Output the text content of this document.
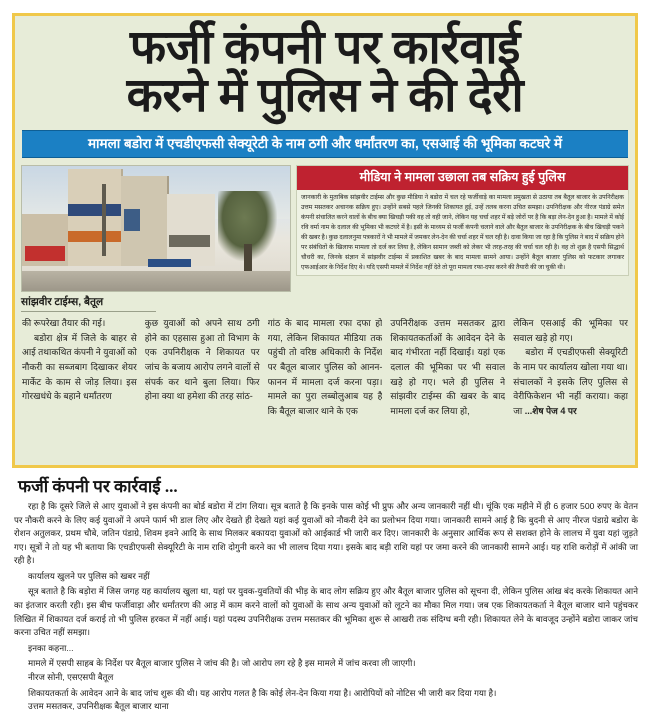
फर्जी कंपनी पर कार्रवाई
करने में पुलिस ने की देरी
मामला बडोरा में एचडीएफसी सेक्यूरेटी के नाम ठगी और धर्मांतरण का, एसआई की भूमिका कटघरे में
सांझवीर टाईम्स, बैतूल
मीडिया ने मामला उछाला तब सक्रिय हुई पुलिस
जानकारी के मुताबिक सांझवीर टाईम्स और कुछ मीडिया ने बडोरा में चल रहे फर्जीवाड़े का मामला प्रमुखता से उठाया तब बैतूल बाजार के उपनिरीक्षक उत्तम मसतकर अचानक सक्रिय हुए। उन्होंने सबसे पहले जिनकी शिकायत हुई, उन्हें तलब करना उचित समझा। उपनिरीक्षक और नीरज पंडाग्रे समेत कंपनी संचालित करने वालों के बीच क्या खिचड़ी पकी वह तो वही जाने, लेकिन यह चर्चा शहर में बड़े जोरों पर है कि बड़ा लेन-देन हुआ है। मामले में कोई रवि वर्मा नाम के दलाल की भूमिका भी कटघरे में है। इसी के माध्यम से फर्जी कंपनी चलाने वाले और बैतूल बाजार के उपनिरीक्षक के बीच खिचड़ी पकने की खबर है। कुछ दलालनुमा पत्रकारों ने भी मामले में जमकर लेन-देन की चर्चा शहर में चल रही है। दावा किया जा रहा है कि पुलिस ने बाद में सक्रिय होने पर संबंधितों के खिलाफ मामला तो दर्ज कर लिया है, लेकिन सामान जब्ती को लेकर भी तरह-तरह की चर्चा चल रही है। वह तो शुक्र है एसपी सिद्धार्थ चौधरी का, जिनके संज्ञान में सांझवीर टाईम्स में प्रकाशित खबर के बाद मामला सामने आया। उन्होंने बैतूल बाजार पुलिस को फटकार लगाकर एफआईआर के निर्देश दिए थे। यदि एसपी मामले में निर्देश नहीं देते तो पूरा मामला रफा-दफा करने की तैयारी की जा चुकी थी।

की रूपरेखा तैयार की गई।

बडोरा क्षेत्र में जिले के बाहर से आई तथाकथित कंपनी ने युवाओं को नौकरी का सब्जबाग दिखाकर शेयर मार्केट के काम से जोड़ लिया। इस गोरखधंधे के बहाने धर्मांतरण

कुछ युवाओं को अपने साथ ठगी होने का एहसास हुआ तो विभाग के एक उपनिरीक्षक ने शिकायत पर जांच के बजाय आरोप लगने वालों से संपर्क कर थाने बुला लिया। फिर होना क्या था हमेशा की तरह सांठ-

गांठ के बाद मामला रफा दफा हो गया, लेकिन शिकायत मीडिया तक पहुंची तो वरिष्ठ अधिकारी के निर्देश पर बैतूल बाजार पुलिस को आनन-फानन में मामला दर्ज करना पड़ा। मामले का पुरा लब्बोलुआब यह है कि बैतूल बाजार थाने के एक

उपनिरीक्षक उत्तम मसतकर द्वारा शिकायतकर्ताओं के आवेदन देने के बाद गंभीरता नहीं दिखाई। यहां एक दलाल की भूमिका पर भी सवाल खड़े हो गए। भले ही पुलिस ने सांझवीर टाईम्स की खबर के बाद मामला दर्ज कर लिया हो,

लेकिन एसआई की भूमिका पर सवाल खड़े हो गए।

बडोरा में एचडीएफसी सेक्यूरिटी के नाम पर कार्यालय खोला गया था। संचालकों ने इसके लिए पुलिस से वेरीफिकेशन भी नहीं कराया। कहा जा ...शेष पेज 4 पर

फर्जी कंपनी पर कार्रवाई ...

रहा है कि दूसरे जिले से आए युवाओं ने इस कंपनी का बोर्ड बडोरा में टांग लिया। सूत्र बताते है कि इनके पास कोई भी प्रुफ और अन्य जानकारी नहीं थी। चूंकि एक महीने में ही 6 हजार 500 रुपए के वेतन पर नौकरी करने के लिए कई युवाओं ने अपने फार्म भी डाल लिए और देखते ही देखते यहां कई युवाओं को नौकरी देने का प्रलोभन दिया गया। जानकारी सामने आई है कि बुदनी से आए नीरज पंडाग्रे बडोरा के रोशन अतुलकर, प्रथम चौबे, जतिन पंडाग्रे, शिवम इवने आदि के साथ मिलकर बकायदा युवाओं को आईकार्ड भी जारी कर दिए। जानकारी के अनुसार आर्थिक रूप से सशक्त होने के लालच में युवा यहां जुड़ते गए। सूत्रों ने तो यह भी बताया कि एचडीएफसी सेक्यूरिटी के नाम राशि दोगुनी करने का भी लालच दिया गया। इसके बाद बड़ी राशि यहां पर जमा करने की जानकारी सामने आई। यह राशि करोड़ों में आंकी जा रही है।

कार्यालय खुलने पर पुलिस को खबर नहीं

सूत्र बताते है कि बड़ोरा में जिस जगह यह कार्यालय खुला था, यहां पर युवक-युवतियों की भीड़ के बाद लोग सक्रिय हुए और बैतूल बाजार पुलिस को सूचना दी, लेकिन पुलिस आंख बंद करके शिकायत आने का इंतजार करती रही। इस बीच फर्जीवाड़ा और धर्मांतरण की आड़ में काम करने वालों को युवाओं के साथ अन्य युवाओं को लूटने का मौका मिल गया। जब एक शिकायतकर्ता ने बैतूल बाजार थाने पहुंचकर लिखित में शिकायत दर्ज कराई तो भी पुलिस हरकत में नहीं आई। यहां पदस्थ उपनिरीक्षक उत्तम मसतकर की भूमिका शुरू से आखरी तक संदिग्ध बनी रही। शिकायत लेने के बावजूद उन्होंने बडोरा जाकर जांच करना उचित नहीं समझा।

इनका कहना...

मामले में एसपी साहब के निर्देश पर बैतूल बाजार पुलिस ने जांच की है। जो आरोप लग रहे है इस मामले में जांच करवा ली जाएगी।

नीरज सोनी, एसएसपी बैतूल

शिकायतकर्ता के आवेदन आने के बाद जांच शुरू की थी। यह आरोप गलत है कि कोई लेन-देन किया गया है। आरोपियों को नोटिस भी जारी कर दिया गया है।

उत्तम मसतकर, उपनिरीक्षक बैतूल बाजार थाना
